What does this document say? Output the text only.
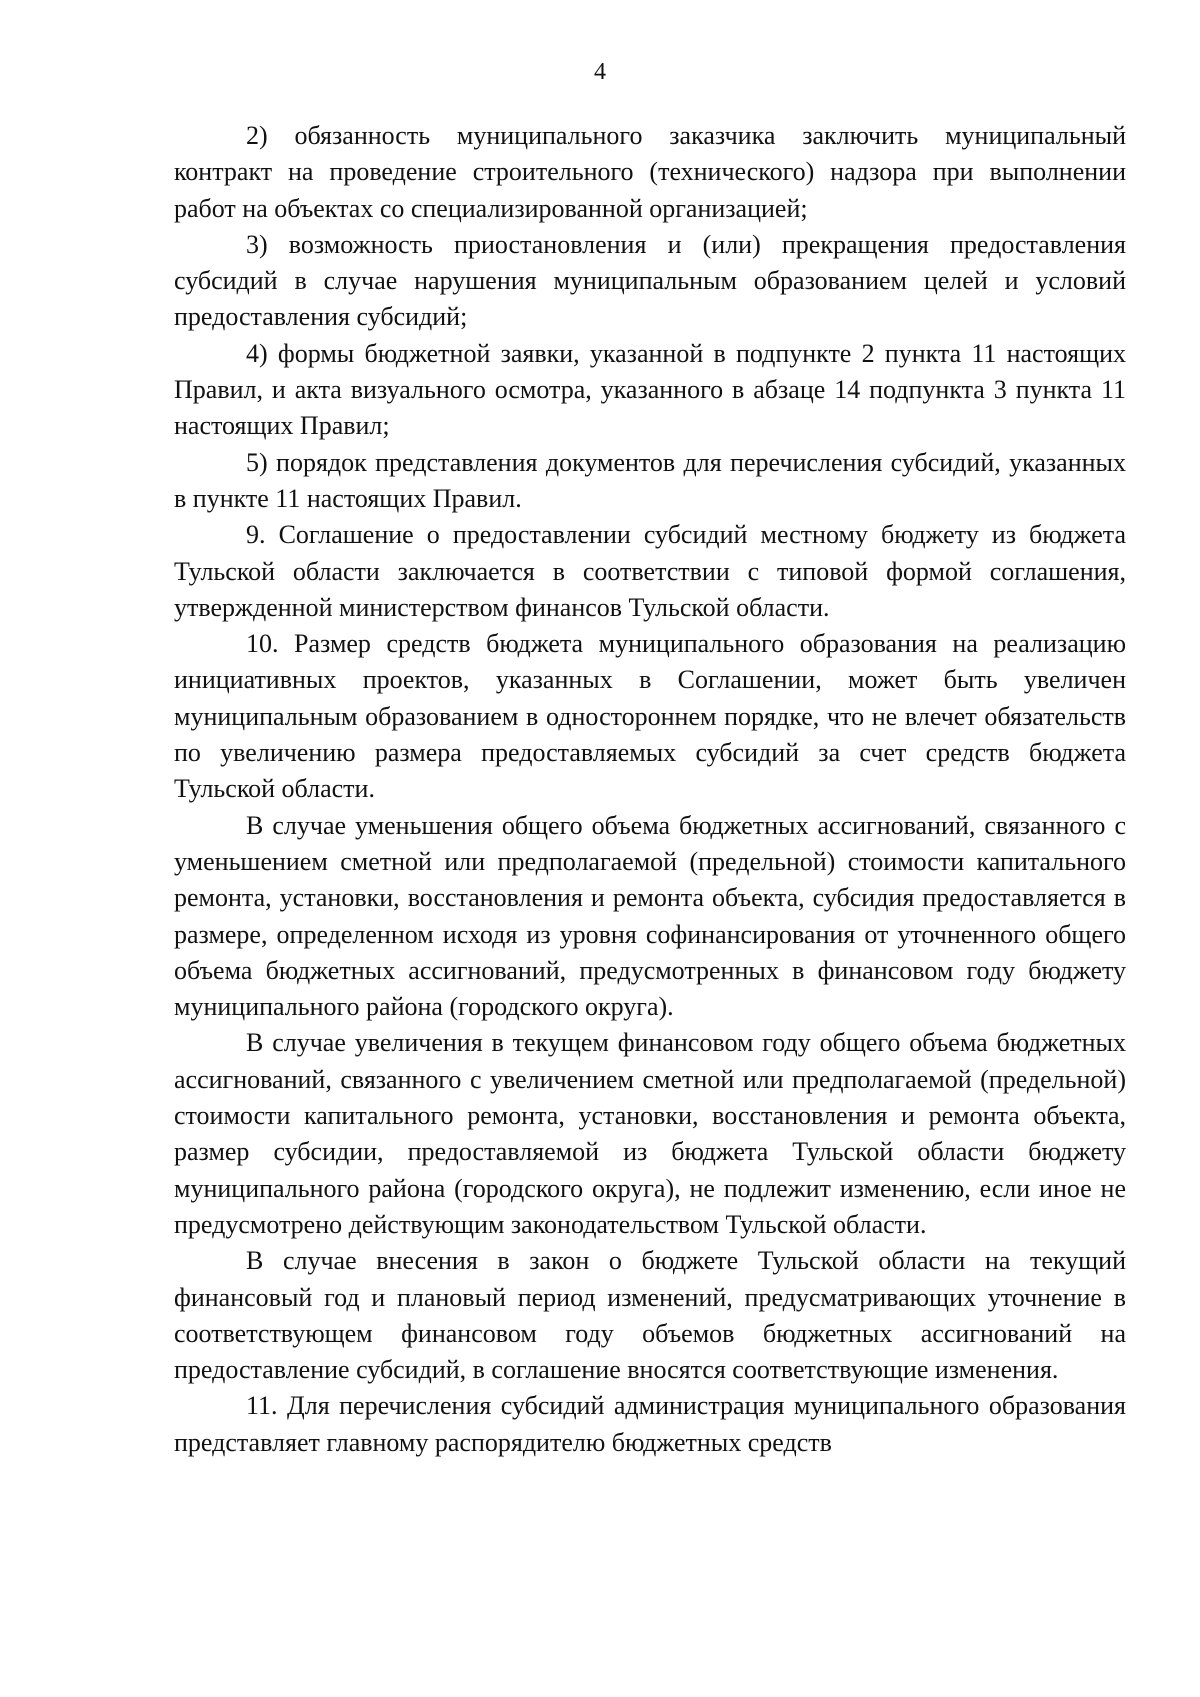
4

2) обязанность муниципального заказчика заключить муниципальный контракт на проведение строительного (технического) надзора при выполнении работ на объектах со специализированной организацией;

3) возможность приостановления и (или) прекращения предоставления субсидий в случае нарушения муниципальным образованием целей и условий предоставления субсидий;

4) формы бюджетной заявки, указанной в подпункте 2 пункта 11 настоящих Правил, и акта визуального осмотра, указанного в абзаце 14 подпункта 3 пункта 11 настоящих Правил;

5) порядок представления документов для перечисления субсидий, указанных в пункте 11 настоящих Правил.

9. Соглашение о предоставлении субсидий местному бюджету из бюджета Тульской области заключается в соответствии с типовой формой соглашения, утвержденной министерством финансов Тульской области.

10. Размер средств бюджета муниципального образования на реализацию инициативных проектов, указанных в Соглашении, может быть увеличен муниципальным образованием в одностороннем порядке, что не влечет обязательств по увеличению размера предоставляемых субсидий за счет средств бюджета Тульской области.

В случае уменьшения общего объема бюджетных ассигнований, связанного с уменьшением сметной или предполагаемой (предельной) стоимости капитального ремонта, установки, восстановления и ремонта объекта, субсидия предоставляется в размере, определенном исходя из уровня софинансирования от уточненного общего объема бюджетных ассигнований, предусмотренных в финансовом году бюджету муниципального района (городского округа).

В случае увеличения в текущем финансовом году общего объема бюджетных ассигнований, связанного с увеличением сметной или предполагаемой (предельной) стоимости капитального ремонта, установки, восстановления и ремонта объекта, размер субсидии, предоставляемой из бюджета Тульской области бюджету муниципального района (городского округа), не подлежит изменению, если иное не предусмотрено действующим законодательством Тульской области.

В случае внесения в закон о бюджете Тульской области на текущий финансовый год и плановый период изменений, предусматривающих уточнение в соответствующем финансовом году объемов бюджетных ассигнований на предоставление субсидий, в соглашение вносятся соответствующие изменения.

11. Для перечисления субсидий администрация муниципального образования представляет главному распорядителю бюджетных средств
